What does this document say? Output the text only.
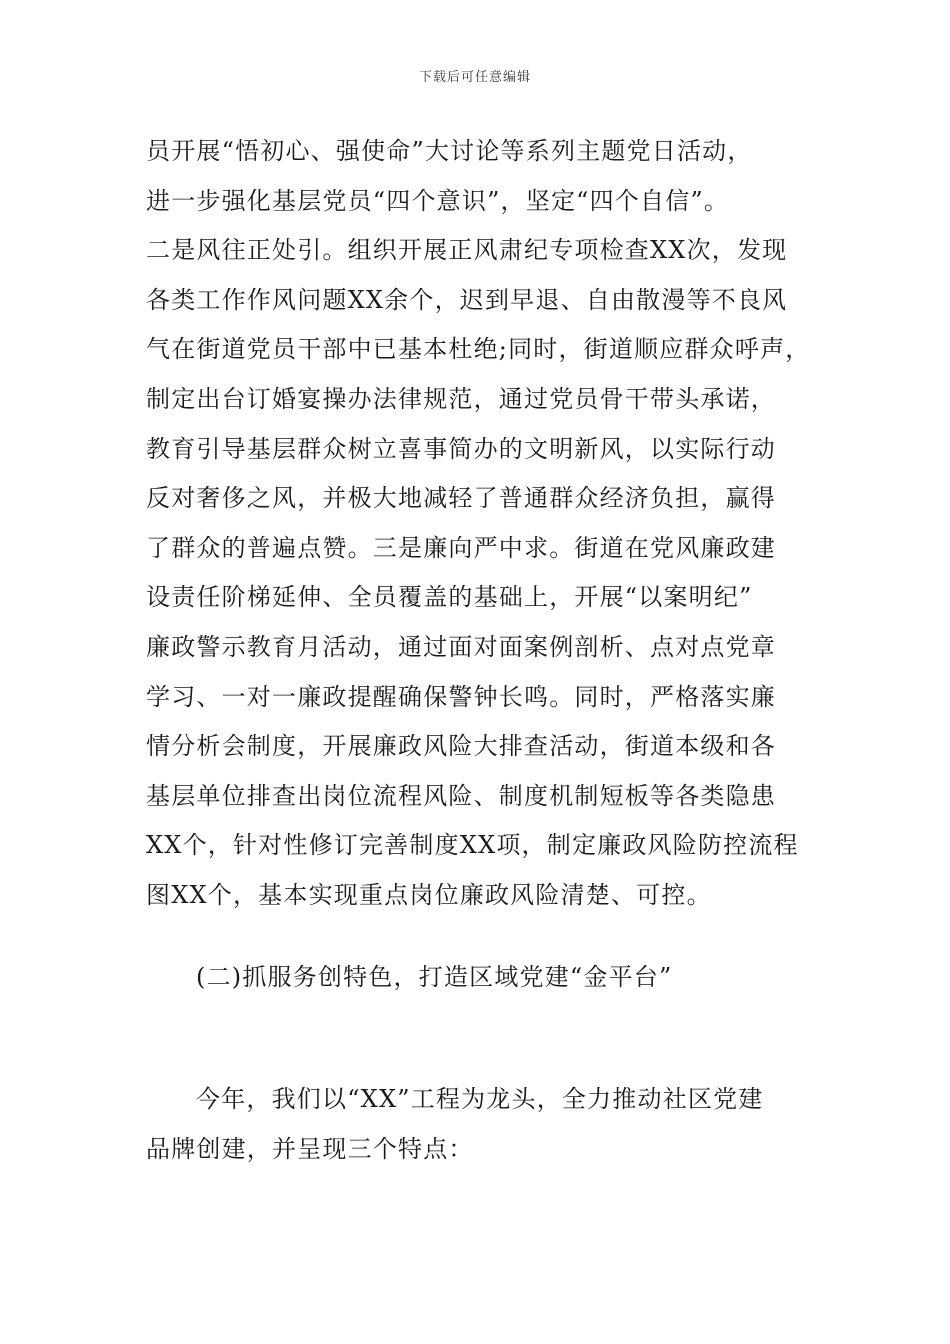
下载后可任意编辑
员开展“悟初心、强使命”大讨论等系列主题党日活动，
进一步强化基层党员“四个意识”，坚定“四个自信”。
二是风往正处引。组织开展正风肃纪专项检查XX次，发现
各类工作作风问题XX余个，迟到早退、自由散漫等不良风
气在街道党员干部中已基本杜绝;同时，街道顺应群众呼声，
制定出台订婚宴操办法律规范，通过党员骨干带头承诺，
教育引导基层群众树立喜事简办的文明新风，以实际行动
反对奢侈之风，并极大地减轻了普通群众经济负担，赢得
了群众的普遍点赞。三是廉向严中求。街道在党风廉政建
设责任阶梯延伸、全员覆盖的基础上，开展“以案明纪”
廉政警示教育月活动，通过面对面案例剖析、点对点党章
学习、一对一廉政提醒确保警钟长鸣。同时，严格落实廉
情分析会制度，开展廉政风险大排查活动，街道本级和各
基层单位排查出岗位流程风险、制度机制短板等各类隐患
XX个，针对性修订完善制度XX项，制定廉政风险防控流程
图XX个，基本实现重点岗位廉政风险清楚、可控。
(二)抓服务创特色，打造区域党建“金平台”
今年，我们以“XX”工程为龙头，全力推动社区党建
品牌创建，并呈现三个特点：
